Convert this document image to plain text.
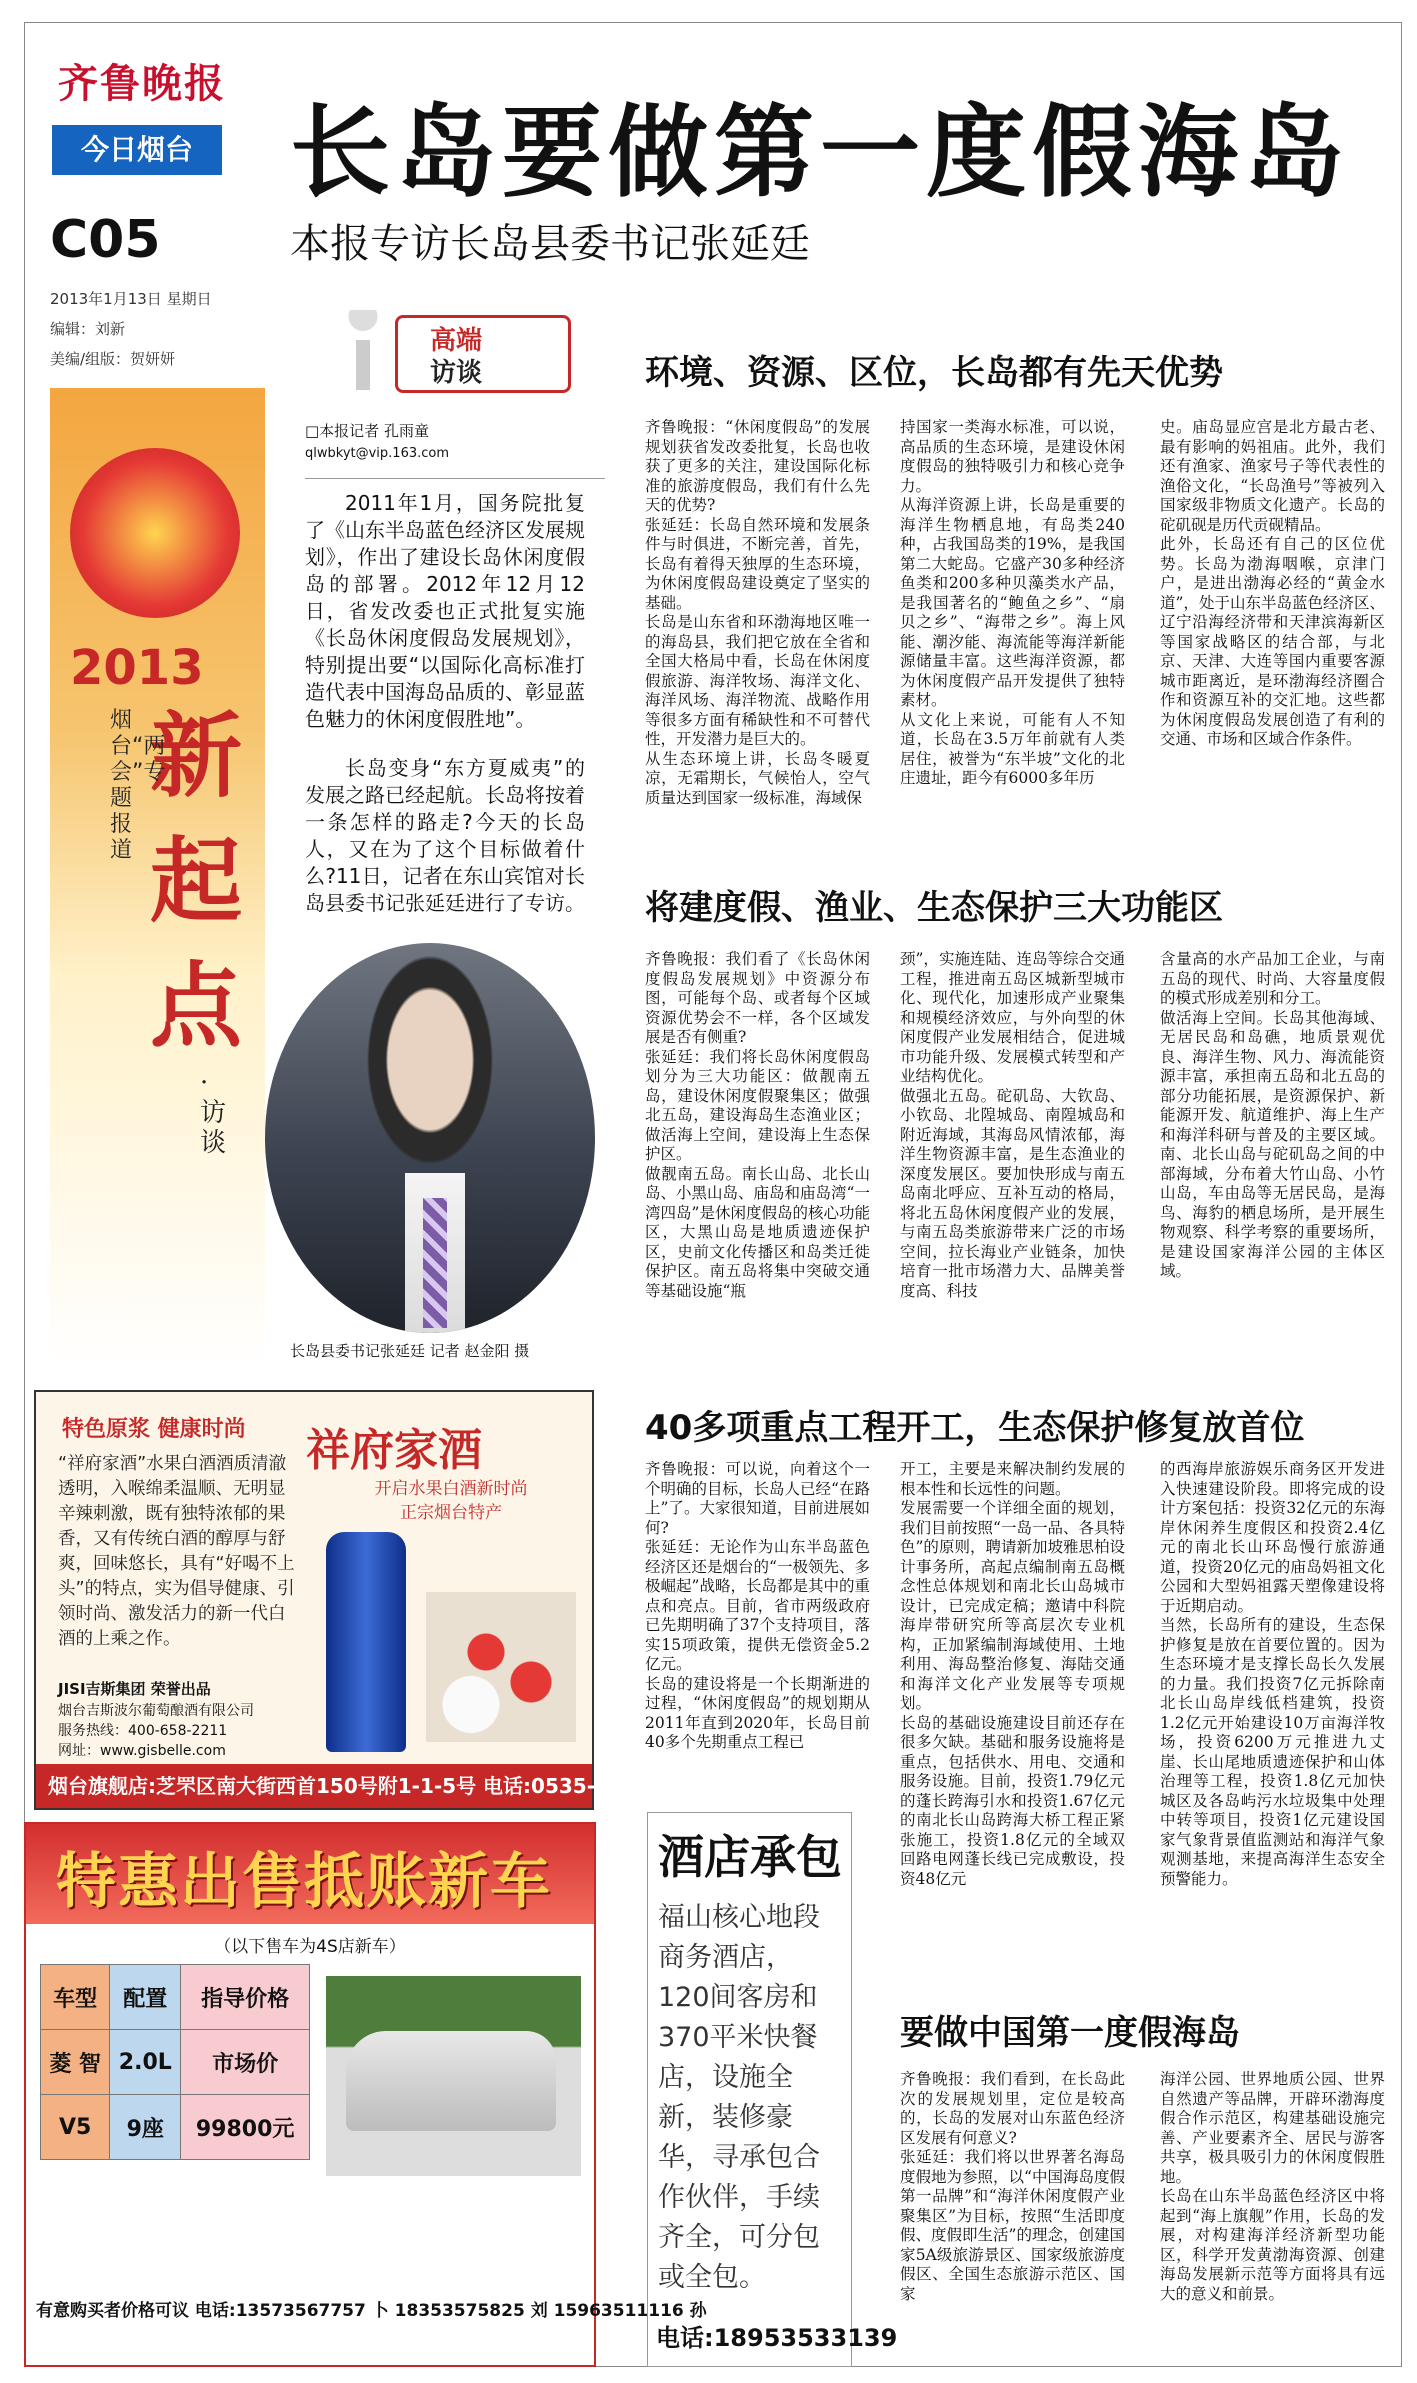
齐鲁晚报
今日烟台
C05
2013年1月13日 星期日
编辑：刘新
美编/组版：贺妍妍
长岛要做第一度假海岛
本报专访长岛县委书记张延廷
2013
新
起
点
烟台“两会”专题报道
·访谈
高端
访谈
□本报记者 孔雨童
qlwbkyt@vip.163.com
2011年1月，国务院批复了《山东半岛蓝色经济区发展规划》，作出了建设长岛休闲度假岛的部署。2012年12月12日，省发改委也正式批复实施《长岛休闲度假岛发展规划》，特别提出要“以国际化高标准打造代表中国海岛品质的、彰显蓝色魅力的休闲度假胜地”。
长岛变身“东方夏威夷”的发展之路已经起航。长岛将按着一条怎样的路走?今天的长岛人，又在为了这个目标做着什么?11日，记者在东山宾馆对长岛县委书记张延廷进行了专访。
长岛县委书记张延廷 记者 赵金阳 摄
环境、资源、区位，长岛都有先天优势
齐鲁晚报：“休闲度假岛”的发展规划获省发改委批复，长岛也收获了更多的关注，建设国际化标准的旅游度假岛，我们有什么先天的优势?
张延廷：长岛自然环境和发展条件与时俱进，不断完善，首先，长岛有着得天独厚的生态环境，为休闲度假岛建设奠定了坚实的基础。
长岛是山东省和环渤海地区唯一的海岛县，我们把它放在全省和全国大格局中看，长岛在休闲度假旅游、海洋牧场、海洋文化、海洋风场、海洋物流、战略作用等很多方面有稀缺性和不可替代性，开发潜力是巨大的。
从生态环境上讲，长岛冬暖夏凉，无霜期长，气候怡人，空气质量达到国家一级标准，海域保
持国家一类海水标准，可以说，高品质的生态环境，是建设休闲度假岛的独特吸引力和核心竞争力。
从海洋资源上讲，长岛是重要的海洋生物栖息地，有岛类240种，占我国岛类的19%，是我国第二大蛇岛。它盛产30多种经济鱼类和200多种贝藻类水产品，是我国著名的“鲍鱼之乡”、“扇贝之乡”、“海带之乡”。海上风能、潮汐能、海流能等海洋新能源储量丰富。这些海洋资源，都为休闲度假产品开发提供了独特素材。
从文化上来说，可能有人不知道，长岛在3.5万年前就有人类居住，被誉为“东半坡”文化的北庄遗址，距今有6000多年历
史。庙岛显应宫是北方最古老、最有影响的妈祖庙。此外，我们还有渔家、渔家号子等代表性的渔俗文化，“长岛渔号”等被列入国家级非物质文化遗产。长岛的砣矶砚是历代贡砚精品。
此外，长岛还有自己的区位优势。长岛为渤海咽喉，京津门户，是进出渤海必经的“黄金水道”，处于山东半岛蓝色经济区、辽宁沿海经济带和天津滨海新区等国家战略区的结合部，与北京、天津、大连等国内重要客源城市距离近，是环渤海经济圈合作和资源互补的交汇地。这些都为休闲度假岛发展创造了有利的交通、市场和区域合作条件。
将建度假、渔业、生态保护三大功能区
齐鲁晚报：我们看了《长岛休闲度假岛发展规划》中资源分布图，可能每个岛、或者每个区域资源优势会不一样，各个区域发展是否有侧重?
张延廷：我们将长岛休闲度假岛划分为三大功能区：做靓南五岛，建设休闲度假聚集区；做强北五岛，建设海岛生态渔业区；做活海上空间，建设海上生态保护区。
做靓南五岛。南长山岛、北长山岛、小黑山岛、庙岛和庙岛湾“一湾四岛”是休闲度假岛的核心功能区，大黑山岛是地质遗迹保护区，史前文化传播区和岛类迁徙保护区。南五岛将集中突破交通等基础设施“瓶
颈”，实施连陆、连岛等综合交通工程，推进南五岛区城新型城市化、现代化，加速形成产业聚集和规模经济效应，与外向型的休闲度假产业发展相结合，促进城市功能升级、发展模式转型和产业结构优化。
做强北五岛。砣矶岛、大钦岛、小钦岛、北隍城岛、南隍城岛和附近海域，其海岛风情浓郁，海洋生物资源丰富，是生态渔业的深度发展区。要加快形成与南五岛南北呼应、互补互动的格局，将北五岛休闲度假产业的发展，与南五岛类旅游带来广泛的市场空间，拉长海业产业链条，加快培育一批市场潜力大、品牌美誉度高、科技
含量高的水产品加工企业，与南五岛的现代、时尚、大容量度假的模式形成差别和分工。
做活海上空间。长岛其他海域、无居民岛和岛礁，地质景观优良、海洋生物、风力、海流能资源丰富，承担南五岛和北五岛的部分功能拓展，是资源保护、新能源开发、航道维护、海上生产和海洋科研与普及的主要区域。南、北长山岛与砣矶岛之间的中部海域，分布着大竹山岛、小竹山岛，车由岛等无居民岛，是海鸟、海豹的栖息场所，是开展生物观察、科学考察的重要场所，是建设国家海洋公园的主体区域。
40多项重点工程开工，生态保护修复放首位
齐鲁晚报：可以说，向着这个一个明确的目标，长岛人已经“在路上”了。大家很知道，目前进展如何?
张延廷：无论作为山东半岛蓝色经济区还是烟台的“一极领先、多极崛起”战略，长岛都是其中的重点和亮点。目前，省市两级政府已先期明确了37个支持项目，落实15项政策，提供无偿资金5.2亿元。
长岛的建设将是一个长期渐进的过程，“休闲度假岛”的规划期从2011年直到2020年，长岛目前40多个先期重点工程已
开工，主要是来解决制约发展的根本性和长远性的问题。
发展需要一个详细全面的规划，我们目前按照“一岛一品、各具特色”的原则，聘请新加坡雅思柏设计事务所，高起点编制南五岛概念性总体规划和南北长山岛城市设计，已完成定稿；邀请中科院海岸带研究所等高层次专业机构，正加紧编制海域使用、土地利用、海岛整治修复、海陆交通和海洋文化产业发展等专项规划。
长岛的基础设施建设目前还存在很多欠缺。基础和服务设施将是重点，包括供水、用电、交通和服务设施。目前，投资1.79亿元的蓬长跨海引水和投资1.67亿元的南北长山岛跨海大桥工程正紧张施工，投资1.8亿元的全域双回路电网蓬长线已完成敷设，投资48亿元
的西海岸旅游娱乐商务区开发进入快速建设阶段。即将完成的设计方案包括：投资32亿元的东海岸休闲养生度假区和投资2.4亿元的南北长山环岛慢行旅游通道，投资20亿元的庙岛妈祖文化公园和大型妈祖露天塑像建设将于近期启动。
当然，长岛所有的建设，生态保护修复是放在首要位置的。因为生态环境才是支撑长岛长久发展的力量。我们投资7亿元拆除南北长山岛岸线低档建筑，投资1.2亿元开始建设10万亩海洋牧场，投资6200万元推进九丈崖、长山尾地质遗迹保护和山体治理等工程，投资1.8亿元加快城区及各岛屿污水垃圾集中处理中转等项目，投资1亿元建设国家气象背景值监测站和海洋气象观测基地，来提高海洋生态安全预警能力。
要做中国第一度假海岛
齐鲁晚报：我们看到，在长岛此次的发展规划里，定位是较高的，长岛的发展对山东蓝色经济区发展有何意义?
张延廷：我们将以世界著名海岛度假地为参照，以“中国海岛度假第一品牌”和“海洋休闲度假产业聚集区”为目标，按照“生活即度假、度假即生活”的理念，创建国家5A级旅游景区、国家级旅游度假区、全国生态旅游示范区、国家
海洋公园、世界地质公园、世界自然遗产等品牌，开辟环渤海度假合作示范区，构建基础设施完善、产业要素齐全、居民与游客共享，极具吸引力的休闲度假胜地。
长岛在山东半岛蓝色经济区中将起到“海上旗舰”作用，长岛的发展，对构建海洋经济新型功能区，科学开发黄渤海资源、创建海岛发展新示范等方面将具有远大的意义和前景。
特色原浆 健康时尚 祥府家酒
开启水果白酒新时尚
正宗烟台特产
“祥府家酒”水果白酒酒质清澈透明，入喉绵柔温顺、无明显辛辣刺激，既有独特浓郁的果香，又有传统白酒的醇厚与舒爽，回味悠长，具有“好喝不上头”的特点，实为倡导健康、引领时尚、激发活力的新一代白酒的上乘之作。
JISI吉斯集团 荣誉出品
烟台吉斯波尔葡萄酿酒有限公司
服务热线：400-658-2211
网址：www.gisbelle.com
烟台旗舰店:芝罘区南大街西首150号附1-1-5号 电话:0535-6694999
特惠出售抵账新车
（以下售车为4S店新车）
车型	配置	指导价格
菱 智	2.0L	市场价
V5	9座	99800元
有意购买者价格可议 电话:13573567757 卜 18353575825 刘 15963511116 孙
酒店承包
福山核心地段商务酒店，120间客房和370平米快餐店，设施全新，装修豪华，寻承包合作伙伴，手续齐全，可分包或全包。
电话:18953533139
